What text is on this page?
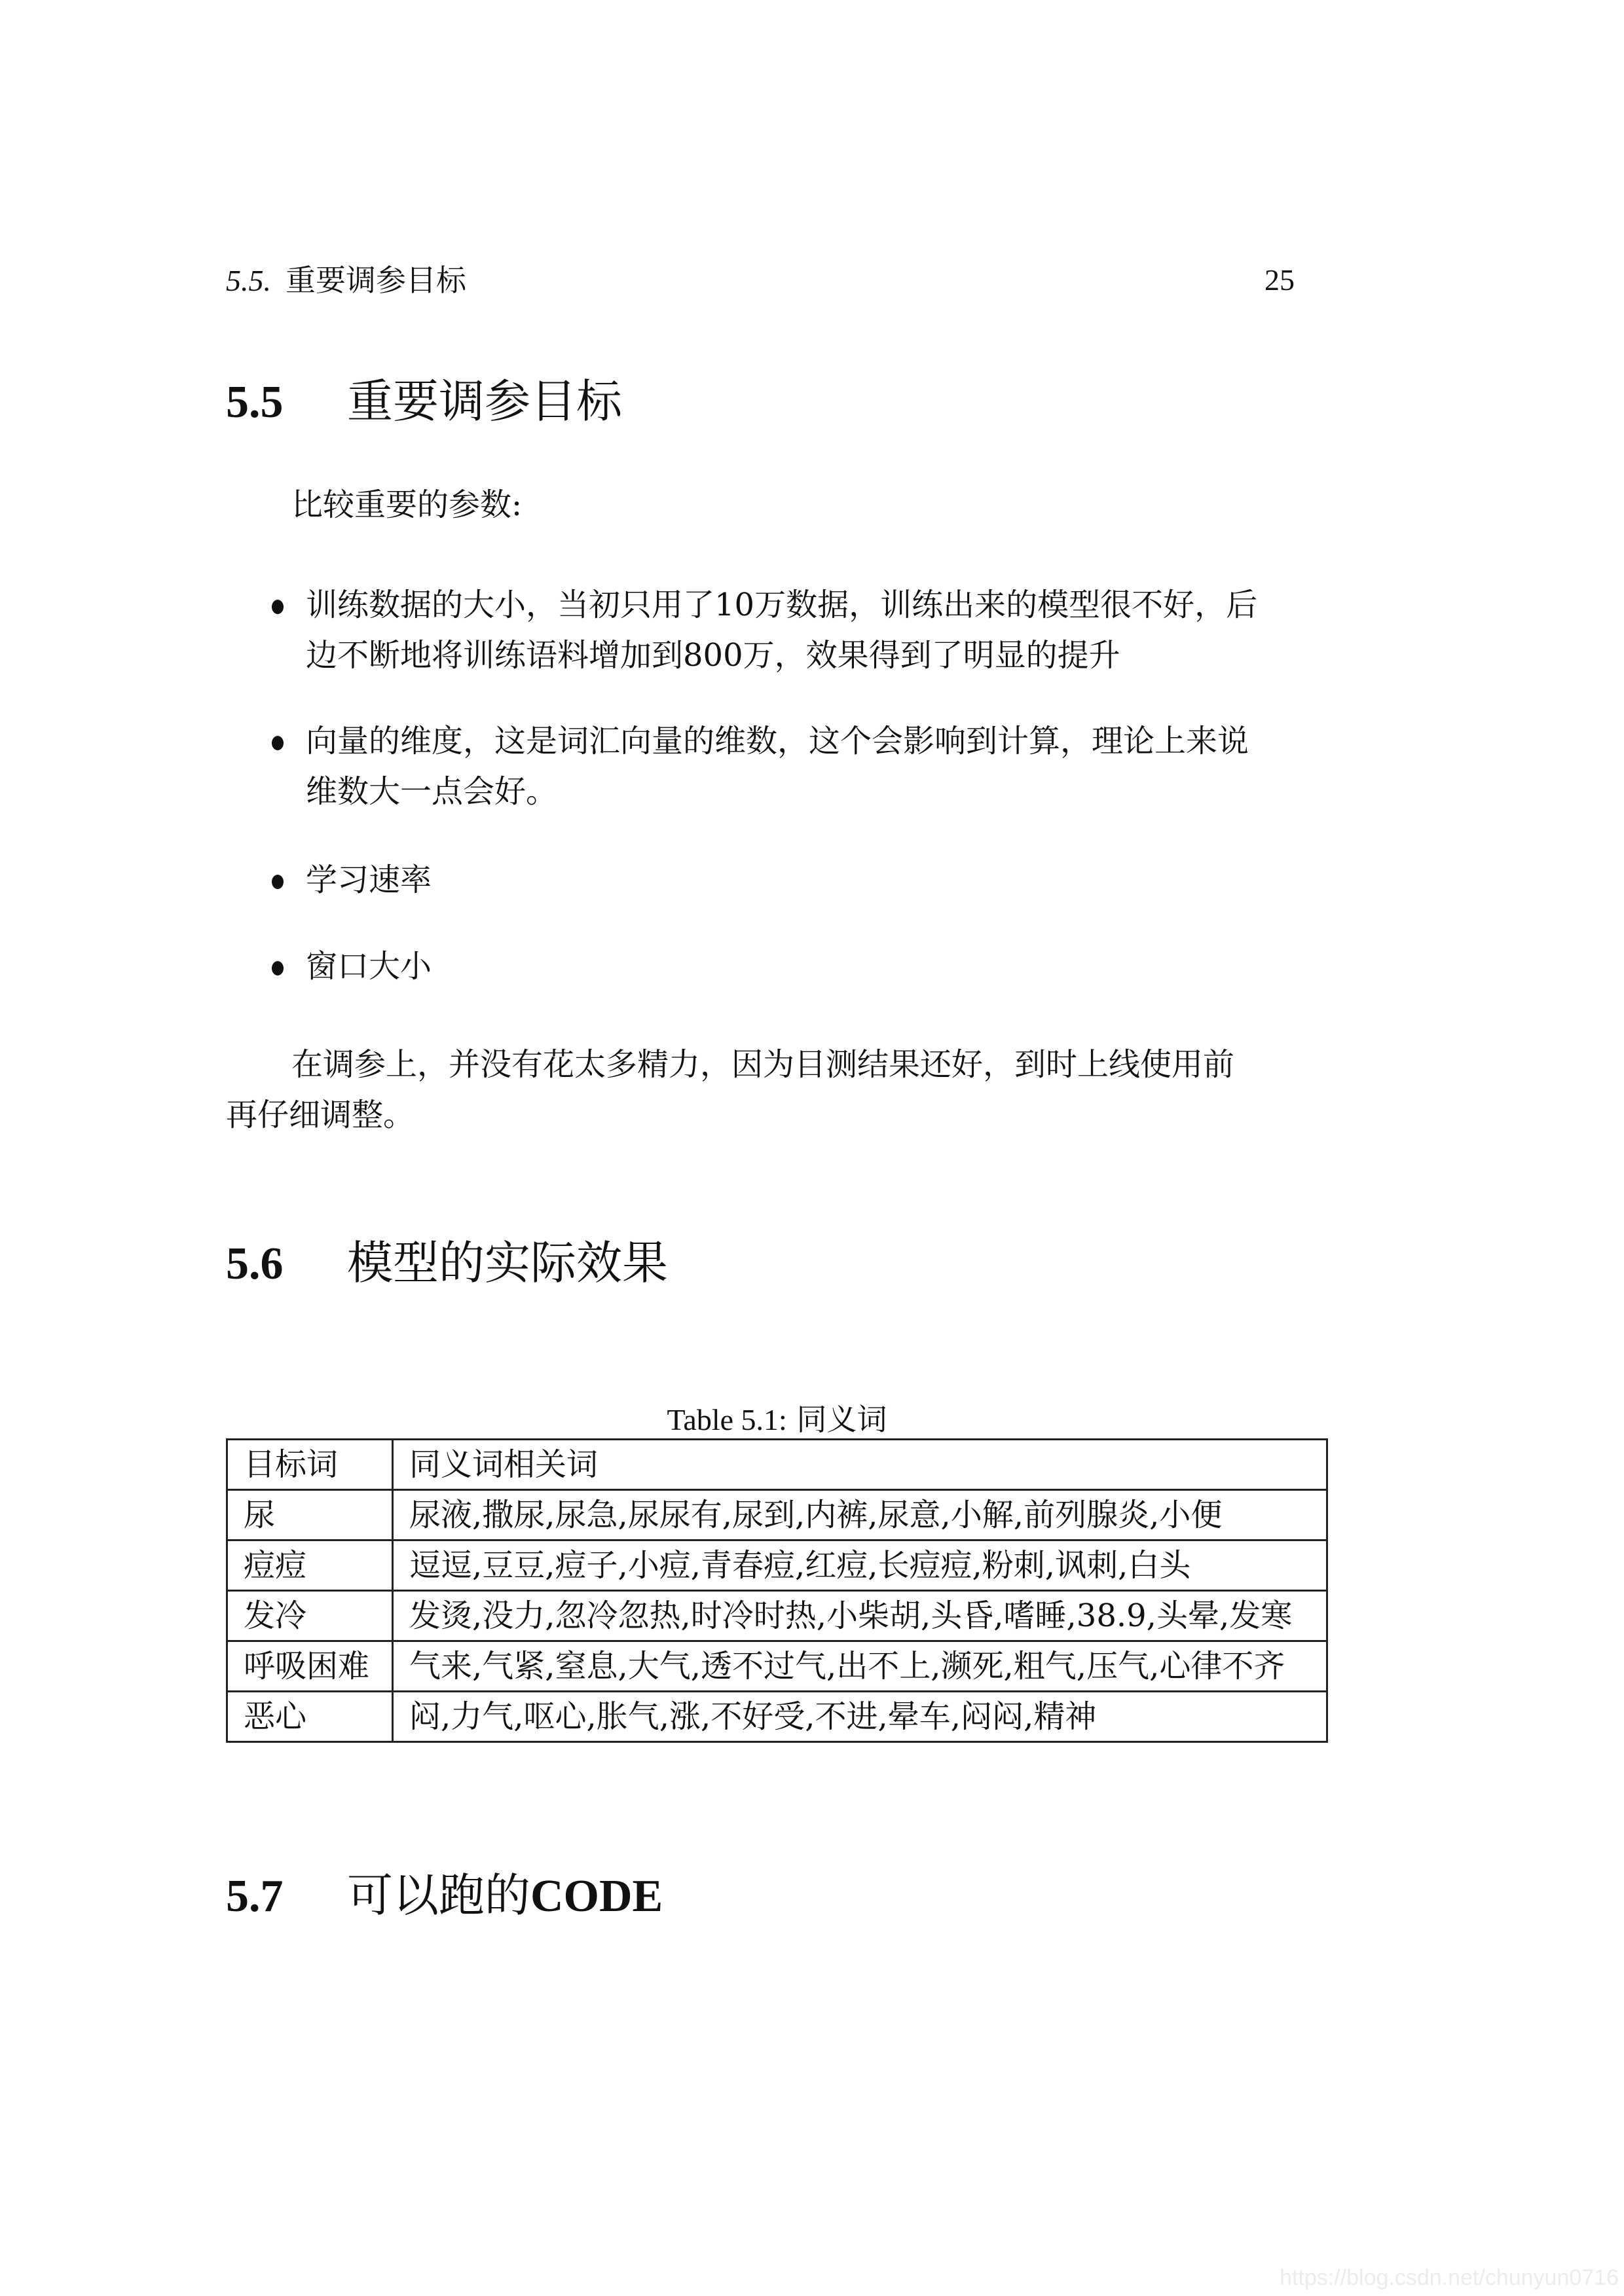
5.5. 重要调参目标	25
5.5 重要调参目标
比较重要的参数:
训练数据的大小，当初只用了10万数据，训练出来的模型很不好，后
边不断地将训练语料增加到800万，效果得到了明显的提升
向量的维度，这是词汇向量的维数，这个会影响到计算，理论上来说
维数大一点会好。
学习速率
窗口大小
在调参上，并没有花太多精力，因为目测结果还好，到时上线使用前
再仔细调整。
5.6 模型的实际效果
Table 5.1: 同义词
目标词	同义词相关词
尿	尿液,撒尿,尿急,尿尿有,尿到,内裤,尿意,小解,前列腺炎,小便
痘痘	逗逗,豆豆,痘子,小痘,青春痘,红痘,长痘痘,粉刺,讽刺,白头
发冷	发烫,没力,忽冷忽热,时冷时热,小柴胡,头昏,嗜睡,38.9,头晕,发寒
呼吸困难	气来,气紧,窒息,大气,透不过气,出不上,濒死,粗气,压气,心律不齐
恶心	闷,力气,呕心,胀气,涨,不好受,不进,晕车,闷闷,精神
5.7 可以跑的CODE
https://blog.csdn.net/chunyun0716
